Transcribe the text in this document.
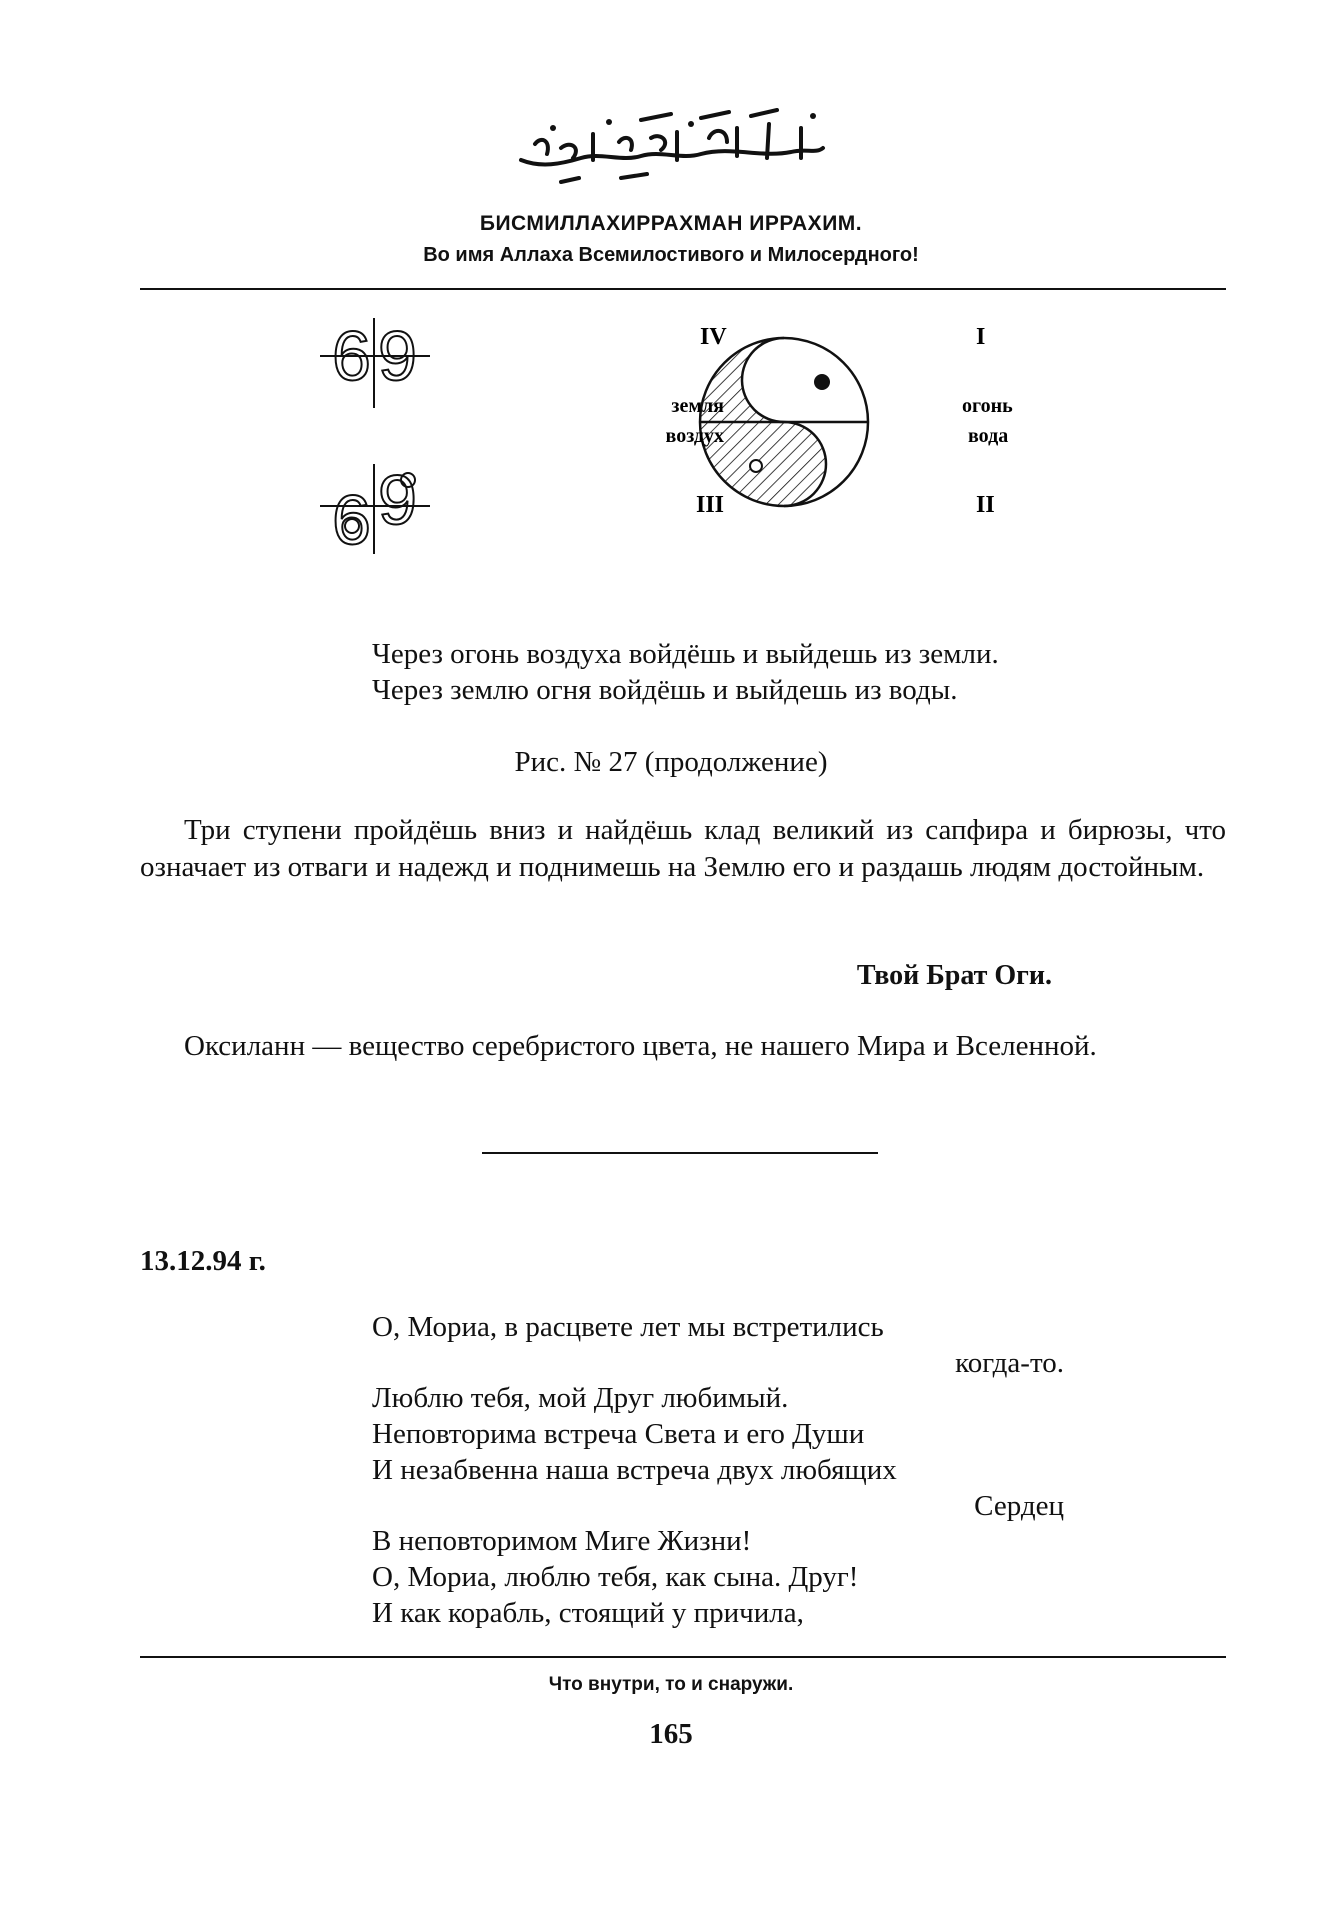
بِسْمِ اللَّهِ الرَّحْمَنِ الرَّحِيمِ
БИСМИЛЛАХИРРАХМАН ИРРАХИМ.
Во имя Аллаха Всемилостивого и Милосердного!
6 9
6 9
IV	I
III	II
земля
воздух
огонь
вода
Через огонь воздуха войдёшь и выйдешь из земли.
Через землю огня войдёшь и выйдешь из воды.
Рис. № 27 (продолжение)
Три ступени пройдёшь вниз и найдёшь клад великий из сапфира и бирюзы, что означает из отваги и надежд и поднимешь на Землю его и раздашь людям достойным.
Твой Брат Оги.
Оксиланн — вещество серебристого цвета, не нашего Мира и Вселенной.
13.12.94 г.
О, Мориа, в расцвете лет мы встретились
когда-то.
Люблю тебя, мой Друг любимый.
Неповторима встреча Света и его Души
И незабвенна наша встреча двух любящих
Сердец
В неповторимом Миге Жизни!
О, Мориа, люблю тебя, как сына. Друг!
И как корабль, стоящий у причила,
Что внутри, то и снаружи.
165
